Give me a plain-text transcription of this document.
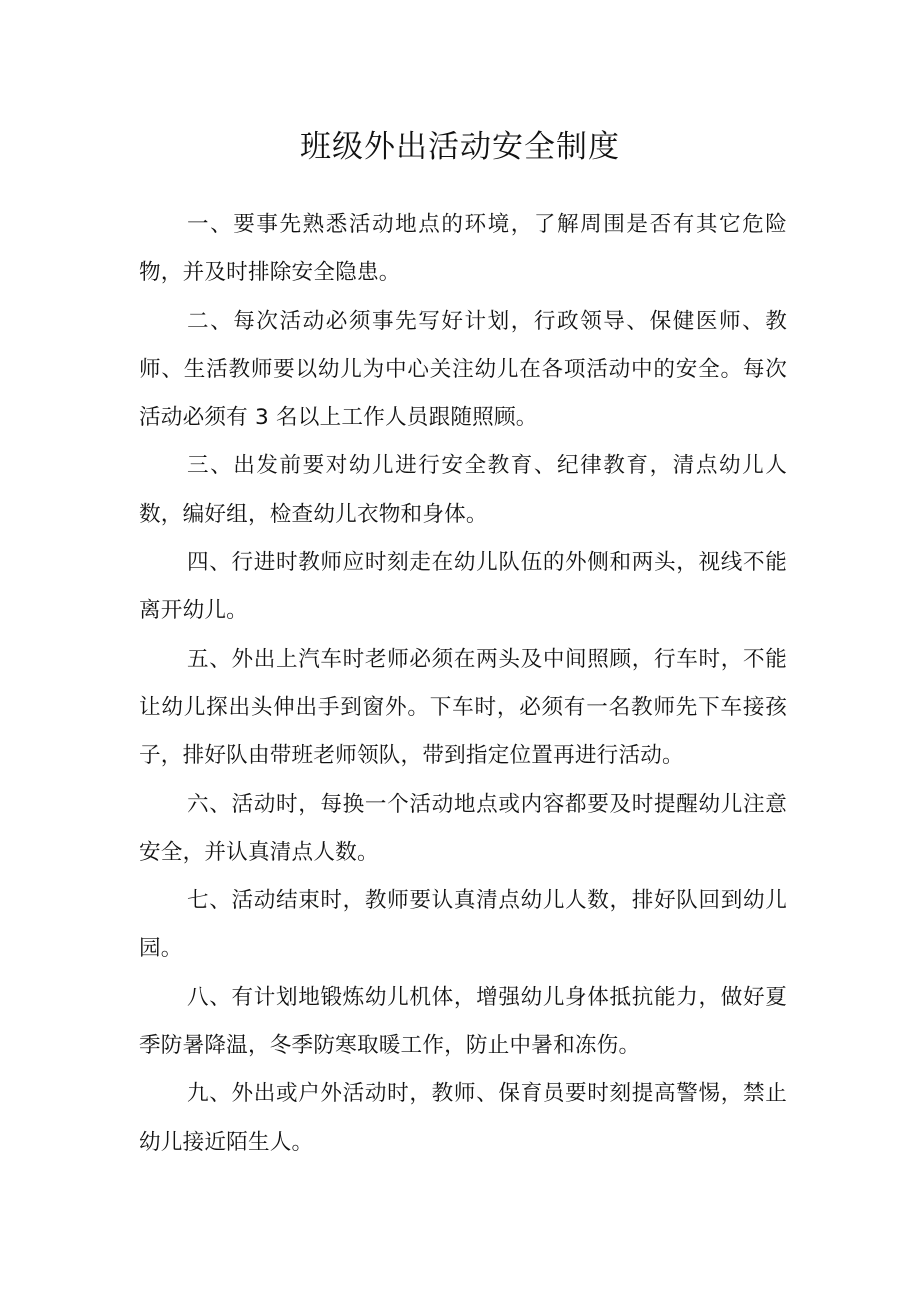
班级外出活动安全制度

一、要事先熟悉活动地点的环境，了解周围是否有其它危险物，并及时排除安全隐患。

二、每次活动必须事先写好计划，行政领导、保健医师、教师、生活教师要以幼儿为中心关注幼儿在各项活动中的安全。每次活动必须有 3 名以上工作人员跟随照顾。

三、出发前要对幼儿进行安全教育、纪律教育，清点幼儿人数，编好组，检查幼儿衣物和身体。

四、行进时教师应时刻走在幼儿队伍的外侧和两头，视线不能离开幼儿。

五、外出上汽车时老师必须在两头及中间照顾，行车时，不能让幼儿探出头伸出手到窗外。下车时，必须有一名教师先下车接孩子，排好队由带班老师领队，带到指定位置再进行活动。

六、活动时，每换一个活动地点或内容都要及时提醒幼儿注意安全，并认真清点人数。

七、活动结束时，教师要认真清点幼儿人数，排好队回到幼儿园。

八、有计划地锻炼幼儿机体，增强幼儿身体抵抗能力，做好夏季防暑降温，冬季防寒取暖工作，防止中暑和冻伤。

九、外出或户外活动时，教师、保育员要时刻提高警惕，禁止幼儿接近陌生人。
